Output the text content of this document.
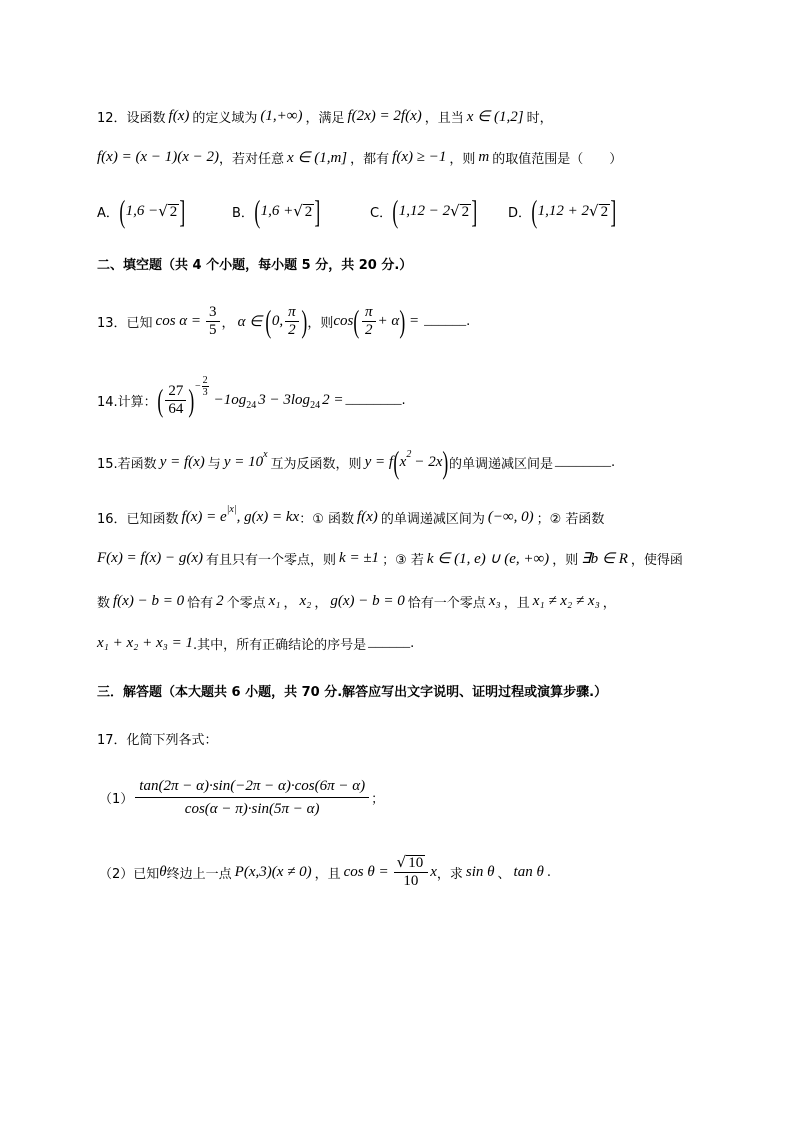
12．设函数 f(x) 的定义域为 (1,+∞) ，满足 f(2x) = 2f(x) ，且当 x ∈ (1,2] 时，
f(x) = (x − 1)(x − 2) ，若对任意 x ∈ (1,m] ，都有 f(x) ≥ −1 ，则 m 的取值范围是（　　）
A． ( 1,6 − √ 2 ]	B． ( 1,6 + √ 2 ]	C． ( 1,12 − 2 √ 2 ] D． ( 1,12 + 2 √ 2 ]
二、填空题（共 4 个小题，每小题 5 分，共 20 分.）
13．已知 $\cos \alpha = \frac{3}{5}$ ， α ∈ ( 0, $\frac{\pi}{2}$ ) ，则 cos ( $\frac{\pi}{2} + \alpha$ ) = ______ .
14.计算： ( $\frac{27}{64}$ ) − $\frac{2}{3}$
−1og 24 3 − 3log 24 2 = ________ .
15.若函数 y = f(x) 与 y = 10 x
互为反函数，则 y = f ( x 2 − 2x ) 的单调递减区间是 ________ .
16．已知函数 f(x) = e |x| , g(x) = kx ：① 函数 f(x) 的单调递减区间为 (−∞, 0) ；② 若函数
F(x) = f(x) − g(x) 有且只有一个零点，则 k = ±1 ；③ 若 k ∈ (1, e) ∪ (e, +∞) ，则 ∃b ∈ R ，使得函
数 f(x) − b = 0 恰有 2 个零点 x₁ ， x₂ ， g(x) − b = 0 恰有一个零点 x₃ ，且 x₁ ≠ x₂ ≠ x₃ ，
x₁ + x₂ + x₃ = 1 .其中，所有正确结论的序号是 ______ .
三．解答题（本大题共 6 小题，共 70 分.解答应写出文字说明、证明过程或演算步骤.）
17．化简下列各式：
$(1) \frac{\tan(2\pi - \alpha)\cdot\sin(-2\pi - \alpha)\cdot\cos(6\pi - \alpha)}{\cos(\alpha - \pi)\cdot\sin(5\pi - \alpha)}$ ；
（2）已知 θ 终边上一点 P(x,3)(x ≠ 0) ，且 $\cos \theta = \frac{√ 10}{10}$ x ，求 sin θ 、 tan θ .
